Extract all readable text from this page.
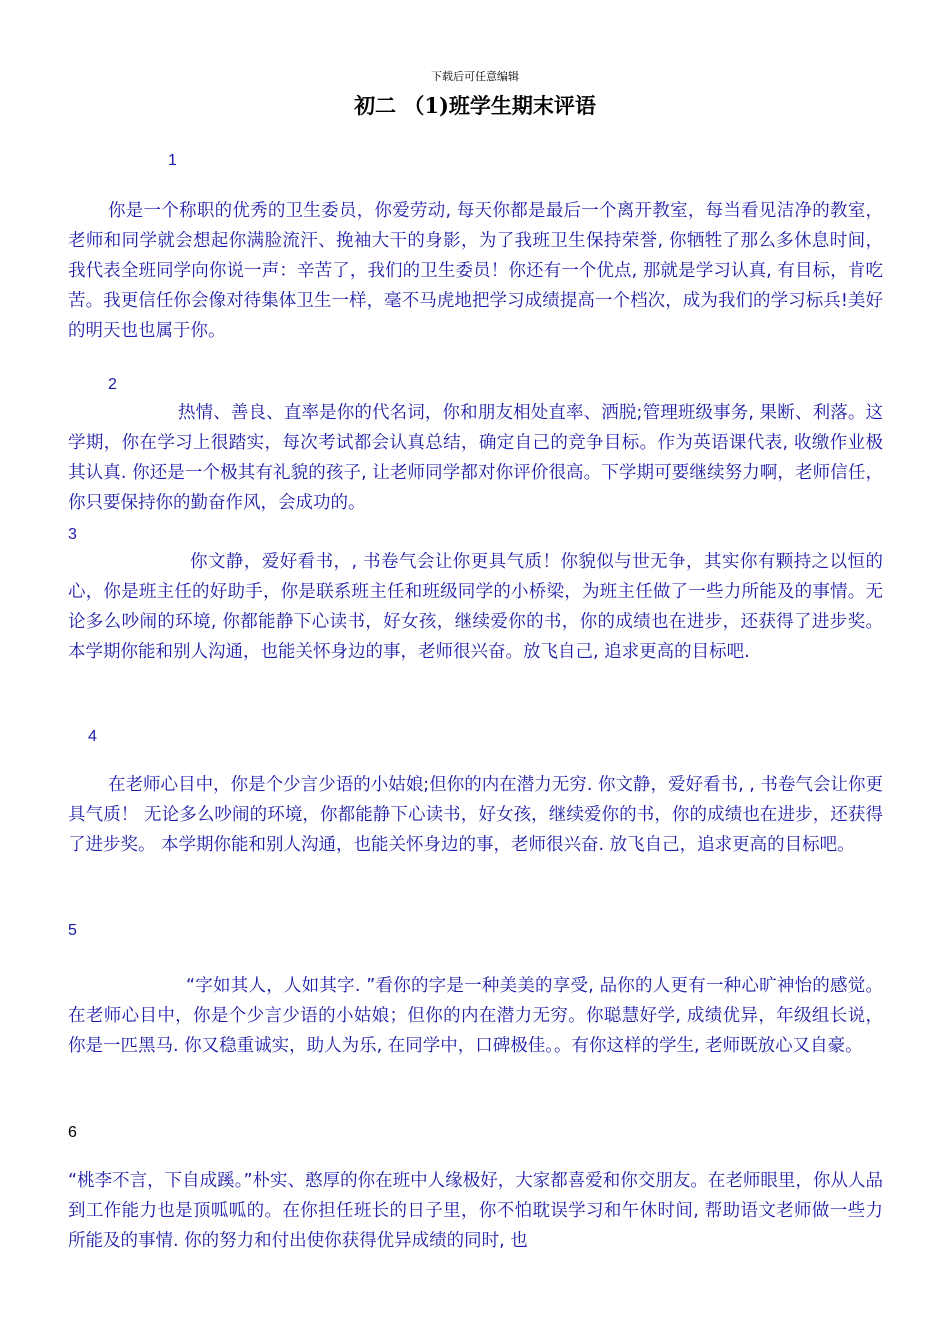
下载后可任意编辑
初二 （1)班学生期末评语
1

你是一个称职的优秀的卫生委员，你爱劳动, 每天你都是最后一个离开教室，每当看见洁净的教室，老师和同学就会想起你满脸流汗、挽袖大干的身影，为了我班卫生保持荣誉, 你牺牲了那么多休息时间，我代表全班同学向你说一声：辛苦了，我们的卫生委员！你还有一个优点, 那就是学习认真, 有目标，肯吃苦。我更信任你会像对待集体卫生一样，毫不马虎地把学习成绩提高一个档次，成为我们的学习标兵!美好的明天也也属于你。

2

热情、善良、直率是你的代名词，你和朋友相处直率、洒脱;管理班级事务, 果断、利落。这学期，你在学习上很踏实，每次考试都会认真总结，确定自己的竞争目标。作为英语课代表, 收缴作业极其认真. 你还是一个极其有礼貌的孩子, 让老师同学都对你评价很高。下学期可要继续努力啊，老师信任，你只要保持你的勤奋作风，会成功的。

3

你文静，爱好看书，, 书卷气会让你更具气质！你貌似与世无争，其实你有颗持之以恒的心，你是班主任的好助手，你是联系班主任和班级同学的小桥梁，为班主任做了一些力所能及的事情。无论多么吵闹的环境, 你都能静下心读书，好女孩，继续爱你的书，你的成绩也在进步，还获得了进步奖。 本学期你能和别人沟通，也能关怀身边的事，老师很兴奋。放飞自己, 追求更高的目标吧.

4

在老师心目中，你是个少言少语的小姑娘;但你的内在潜力无穷. 你文静，爱好看书, , 书卷气会让你更具气质！ 无论多么吵闹的环境，你都能静下心读书，好女孩，继续爱你的书，你的成绩也在进步，还获得了进步奖。 本学期你能和别人沟通，也能关怀身边的事，老师很兴奋. 放飞自己，追求更高的目标吧。

5

“字如其人，人如其字. ”看你的字是一种美美的享受, 品你的人更有一种心旷神怡的感觉。 在老师心目中，你是个少言少语的小姑娘；但你的内在潜力无穷。你聪慧好学, 成绩优异，年级组长说，你是一匹黑马. 你又稳重诚实，助人为乐, 在同学中，口碑极佳。。有你这样的学生, 老师既放心又自豪。

6

“桃李不言，下自成蹊。”朴实、憨厚的你在班中人缘极好，大家都喜爱和你交朋友。在老师眼里，你从人品到工作能力也是顶呱呱的。在你担任班长的日子里，你不怕耽误学习和午休时间, 帮助语文老师做一些力所能及的事情. 你的努力和付出使你获得优异成绩的同时, 也
